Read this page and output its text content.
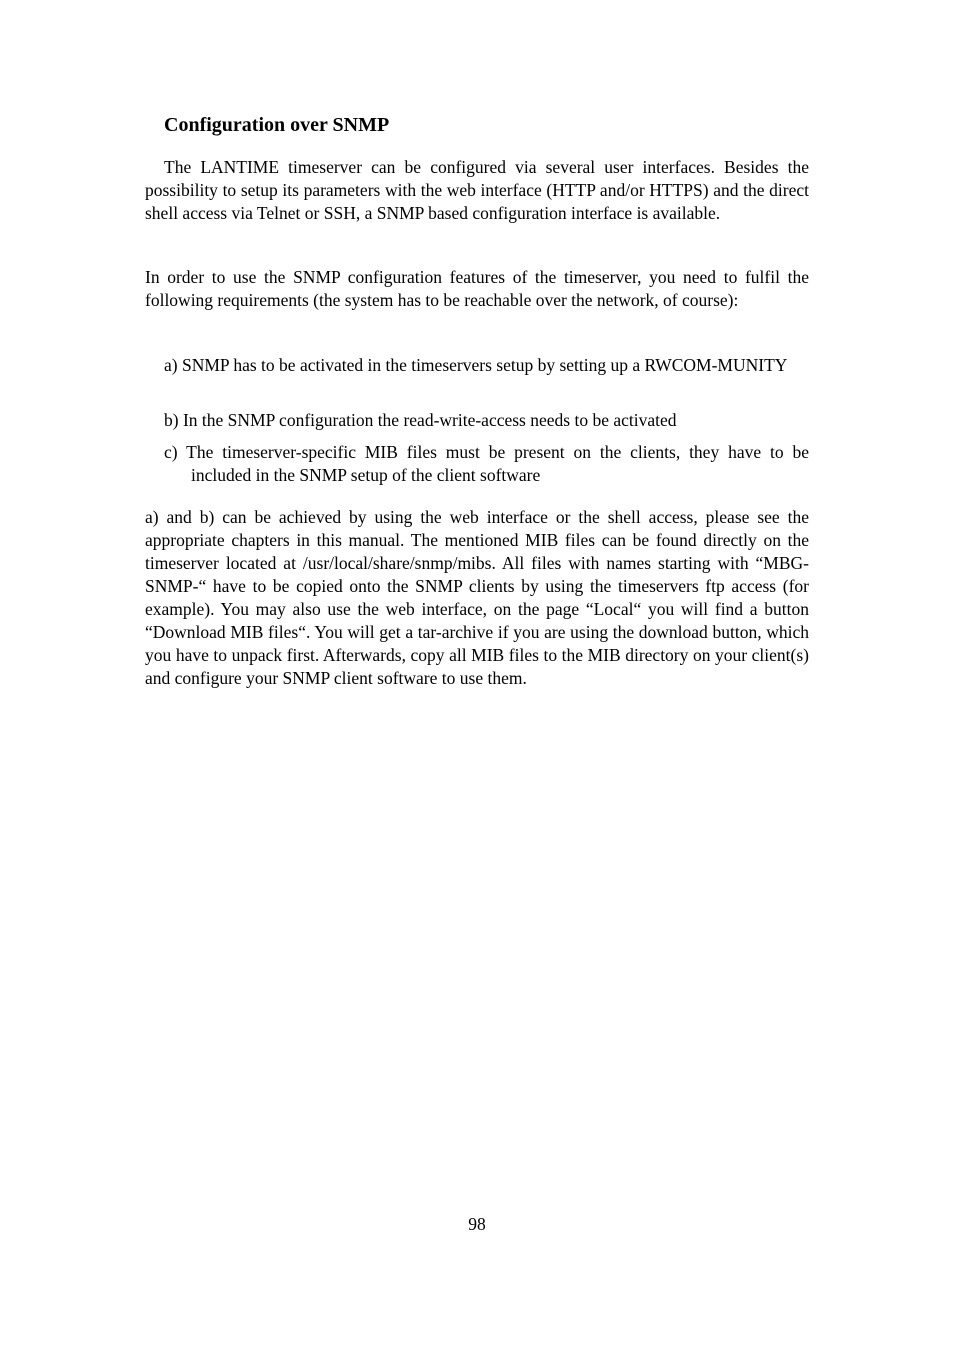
Configuration over SNMP

The LANTIME timeserver can be configured via several user interfaces. Besides the possibility to setup its parameters with the web interface (HTTP and/or HTTPS) and the direct shell access via Telnet or SSH, a SNMP based configuration interface is available.

In order to use the SNMP configuration features of the timeserver, you need to fulfil the following requirements (the system has to be reachable over the network, of course):

a) SNMP has to be activated in the timeservers setup by setting up a RWCOM-MUNITY
b) In the SNMP configuration the read-write-access needs to be activated
c) The timeserver-specific MIB files must be present on the clients, they have to be included in the SNMP setup of the client software

a) and b) can be achieved by using the web interface or the shell access, please see the appropriate chapters in this manual. The mentioned MIB files can be found directly on the timeserver located at /usr/local/share/snmp/mibs. All files with names starting with “MBG-SNMP-“ have to be copied onto the SNMP clients by using the timeservers ftp access (for example). You may also use the web interface, on the page “Local“ you will find a button “Download MIB files“. You will get a tar-archive if you are using the download button, which you have to unpack first. Afterwards, copy all MIB files to the MIB directory on your client(s) and configure your SNMP client software to use them.

98
